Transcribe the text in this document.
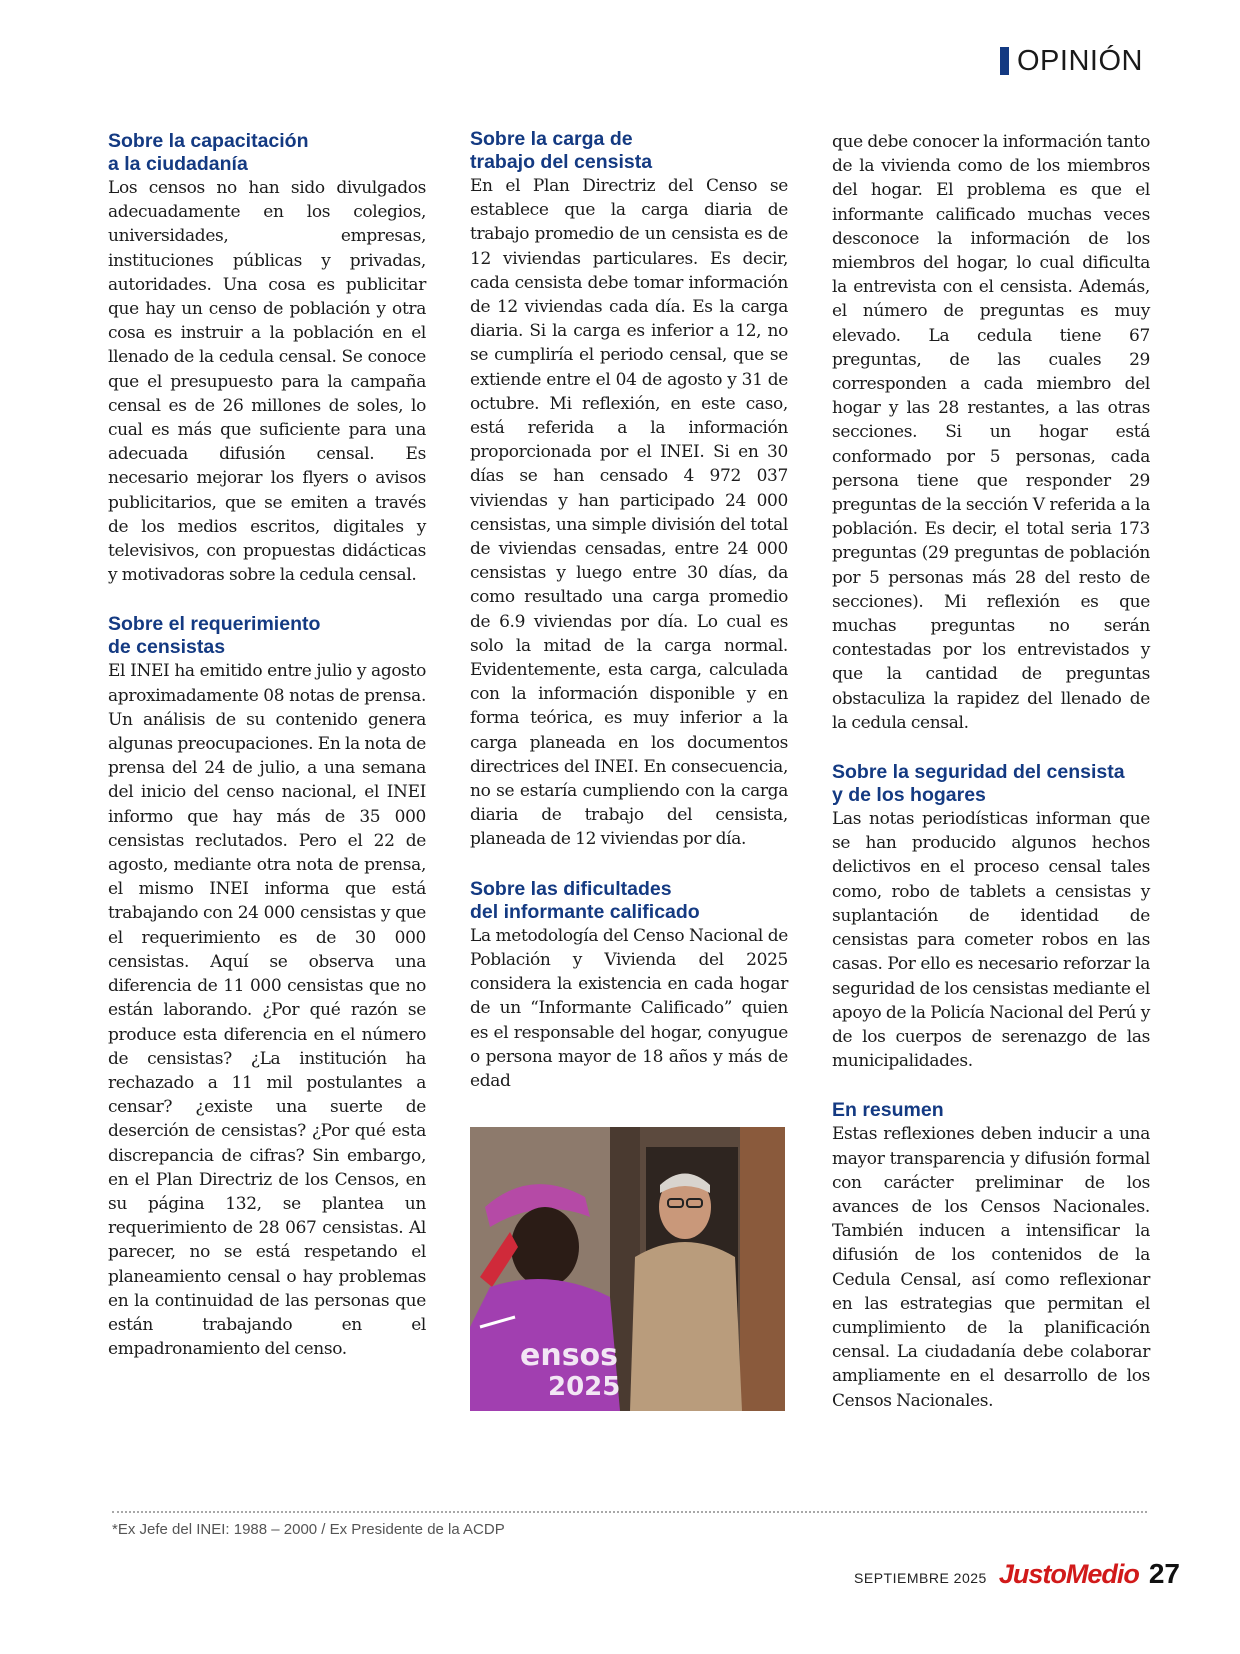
OPINIÓN
Sobre la capacitación
a la ciudadanía

Los censos no han sido divulgados adecuadamente en los colegios, universidades, empresas, instituciones públicas y privadas, autoridades. Una cosa es publicitar que hay un censo de población y otra cosa es instruir a la población en el llenado de la cedula censal. Se conoce que el presupuesto para la campaña censal es de 26 millones de soles, lo cual es más que suficiente para una adecuada difusión censal. Es necesario mejorar los flyers o avisos publicitarios, que se emiten a través de los medios escritos, digitales y televisivos, con propuestas didácticas y motivadoras sobre la cedula censal.

Sobre el requerimiento
de censistas

El INEI ha emitido entre julio y agosto aproximadamente 08 notas de prensa. Un análisis de su contenido genera algunas preocupaciones. En la nota de prensa del 24 de julio, a una semana del inicio del censo nacional, el INEI informo que hay más de 35 000 censistas reclutados. Pero el 22 de agosto, mediante otra nota de prensa, el mismo INEI informa que está trabajando con 24 000 censistas y que el requerimiento es de 30 000 censistas. Aquí se observa una diferencia de 11 000 censistas que no están laborando. ¿Por qué razón se produce esta diferencia en el número de censistas? ¿La institución ha rechazado a 11 mil postulantes a censar? ¿existe una suerte de deserción de censistas? ¿Por qué esta discrepancia de cifras? Sin embargo, en el Plan Directriz de los Censos, en su página 132, se plantea un requerimiento de 28 067 censistas. Al parecer, no se está respetando el planeamiento censal o hay problemas en la continuidad de las personas que están trabajando en el empadronamiento del censo.

Sobre la carga de
trabajo del censista

En el Plan Directriz del Censo se establece que la carga diaria de trabajo promedio de un censista es de 12 viviendas particulares. Es decir, cada censista debe tomar información de 12 viviendas cada día. Es la carga diaria. Si la carga es inferior a 12, no se cumpliría el periodo censal, que se extiende entre el 04 de agosto y 31 de octubre. Mi reflexión, en este caso, está referida a la información proporcionada por el INEI. Si en 30 días se han censado 4 972 037 viviendas y han participado 24 000 censistas, una simple división del total de viviendas censadas, entre 24 000 censistas y luego entre 30 días, da como resultado una carga promedio de 6.9 viviendas por día. Lo cual es solo la mitad de la carga normal. Evidentemente, esta carga, calculada con la información disponible y en forma teórica, es muy inferior a la carga planeada en los documentos directrices del INEI. En consecuencia, no se estaría cumpliendo con la carga diaria de trabajo del censista, planeada de 12 viviendas por día.

Sobre las dificultades
del informante calificado

La metodología del Censo Nacional de Población y Vivienda del 2025 considera la existencia en cada hogar de un “Informante Calificado” quien es el responsable del hogar, conyugue o persona mayor de 18 años y más de edad

ensos
2025

que debe conocer la información tanto de la vivienda como de los miembros del hogar. El problema es que el informante calificado muchas veces desconoce la información de los miembros del hogar, lo cual dificulta la entrevista con el censista. Además, el número de preguntas es muy elevado. La cedula tiene 67 preguntas, de las cuales 29 corresponden a cada miembro del hogar y las 28 restantes, a las otras secciones. Si un hogar está conformado por 5 personas, cada persona tiene que responder 29 preguntas de la sección V referida a la población. Es decir, el total seria 173 preguntas (29 preguntas de población por 5 personas más 28 del resto de secciones). Mi reflexión es que muchas preguntas no serán contestadas por los entrevistados y que la cantidad de preguntas obstaculiza la rapidez del llenado de la cedula censal.

Sobre la seguridad del censista
y de los hogares

Las notas periodísticas informan que se han producido algunos hechos delictivos en el proceso censal tales como, robo de tablets a censistas y suplantación de identidad de censistas para cometer robos en las casas. Por ello es necesario reforzar la seguridad de los censistas mediante el apoyo de la Policía Nacional del Perú y de los cuerpos de serenazgo de las municipalidades.

En resumen

Estas reflexiones deben inducir a una mayor transparencia y difusión formal con carácter preliminar de los avances de los Censos Nacionales. También inducen a intensificar la difusión de los contenidos de la Cedula Censal, así como reflexionar en las estrategias que permitan el cumplimiento de la planificación censal. La ciudadanía debe colaborar ampliamente en el desarrollo de los Censos Nacionales.

*Ex Jefe del INEI: 1988 – 2000 / Ex Presidente de la ACDP
SEPTIEMBRE 2025 JustoMedio 27
